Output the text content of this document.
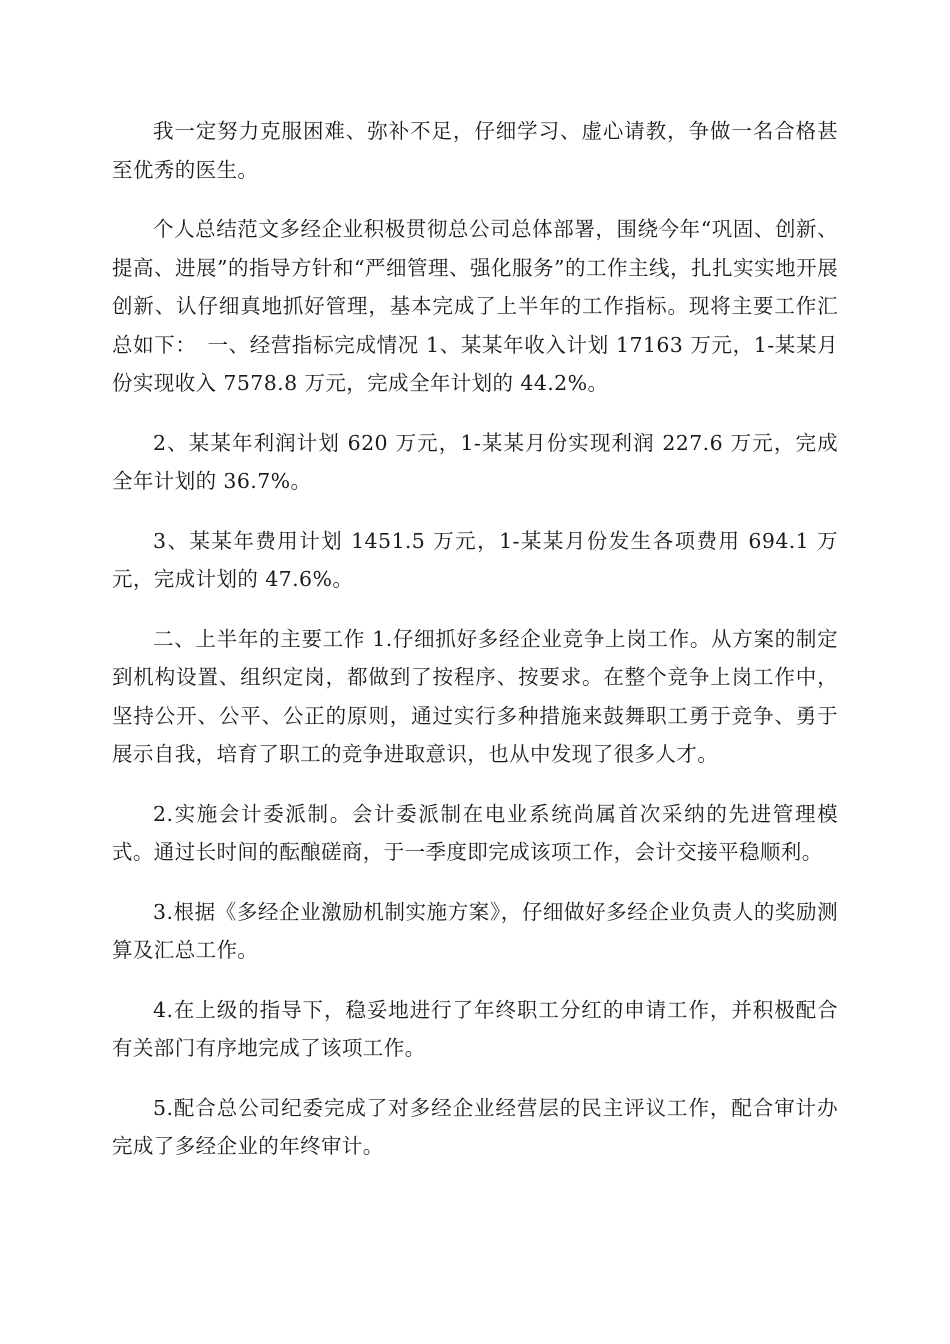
我一定努力克服困难、弥补不足，仔细学习、虚心请教，争做一名合格甚至优秀的医生。

个人总结范文多经企业积极贯彻总公司总体部署，围绕今年“巩固、创新、提高、进展”的指导方针和“严细管理、强化服务”的工作主线，扎扎实实地开展创新、认仔细真地抓好管理，基本完成了上半年的工作指标。现将主要工作汇总如下：　一、经营指标完成情况 1、某某年收入计划 17163 万元，1-某某月份实现收入 7578.8 万元，完成全年计划的 44.2%。

2、某某年利润计划 620 万元，1-某某月份实现利润 227.6 万元，完成全年计划的 36.7%。

3、某某年费用计划 1451.5 万元，1-某某月份发生各项费用 694.1 万元，完成计划的 47.6%。

二、上半年的主要工作 1.仔细抓好多经企业竞争上岗工作。从方案的制定到机构设置、组织定岗，都做到了按程序、按要求。在整个竞争上岗工作中，坚持公开、公平、公正的原则，通过实行多种措施来鼓舞职工勇于竞争、勇于展示自我，培育了职工的竞争进取意识，也从中发现了很多人才。

2.实施会计委派制。会计委派制在电业系统尚属首次采纳的先进管理模式。通过长时间的酝酿磋商，于一季度即完成该项工作，会计交接平稳顺利。

3.根据《多经企业激励机制实施方案》，仔细做好多经企业负责人的奖励测算及汇总工作。

4.在上级的指导下，稳妥地进行了年终职工分红的申请工作，并积极配合有关部门有序地完成了该项工作。

5.配合总公司纪委完成了对多经企业经营层的民主评议工作，配合审计办完成了多经企业的年终审计。
